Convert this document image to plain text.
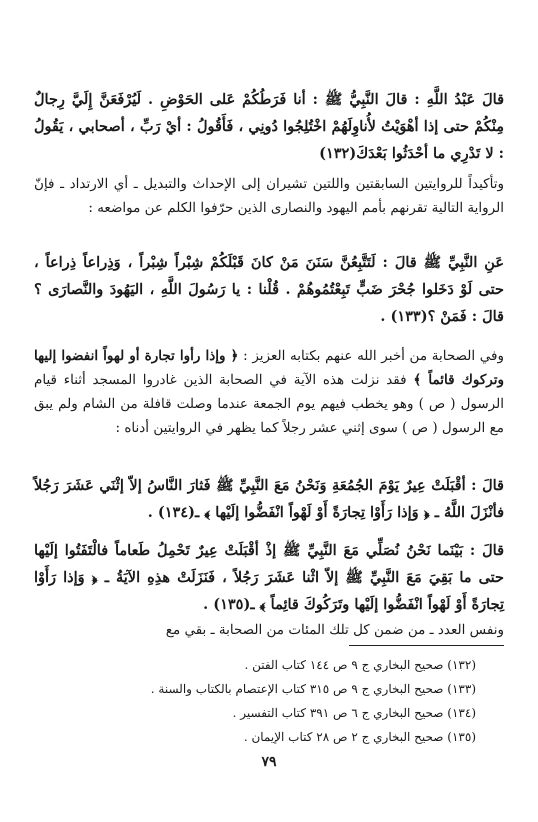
قالَ عَبْدُ اللَّهِ : قالَ النَّبِيُّ ﷺ : أنا فَرَطُكُمْ عَلى الحَوْضِ . لَيُرْفَعَنَّ إِلَيَّ رِجالٌ مِنْكُمْ حتى إذا أهْوَيْتُ لأُناوِلَهُمْ اخْتُلِجُوا دُونِي ، فَأَقُولُ : أيْ رَبِّ ، أصحابي ، يَقُولُ : لا تَدْرِي ما أحْدَثُوا بَعْدَكَ(١٣٢)
وتأكيداً للروايتين السابقتين واللتين تشيران إلى الإحداث والتبديل ـ أي الارتداد ـ فإنّ الرواية التالية تقرنهم بأمم اليهود والنصارى الذين حرّفوا الكلم عن مواضعه :
عَنِ النَّبِيِّ ﷺ قالَ : لَتَتَّبِعُنَّ سَنَنَ مَنْ كانَ قَبْلَكُمْ شِبْراً شِبْراً ، وَذِراعاً ذِراعاً ، حتى لَوْ دَخَلوا جُحْرَ ضَبٍّ تَبِعْتُمُوهُمْ . قُلْنا : يا رَسُولَ اللَّهِ ، اليَهُودَ والنَّصارَى ؟ قالَ : فَمَنْ ؟(١٣٣) .
وفي الصحابة من أخبر الله عنهم بكتابه العزيز : ﴿ وإذا رأوا تجارة أو لهواً انفضوا إليها وتركوك قائماً ﴾ فقد نزلت هذه الآية في الصحابة الذين غادروا المسجد أثناء قيام الرسول ( ص ) وهو يخطب فيهم يوم الجمعة عندما وصلت قافلة من الشام ولم يبق مع الرسول ( ص ) سوى إثني عشر رجلاً كما يظهر في الروايتين أدناه :
قالَ : أقْبَلَتْ عِيرٌ يَوْمَ الجُمُعَةِ وَنَحْنُ مَعَ النَّبِيِّ ﷺ فَثارَ النَّاسُ إلاّ إثْنَي عَشَرَ رَجُلاً فأنْزَلَ اللَّهُ ـ ﴿ وَإذا رَأَوْا تِجارَةً أَوْ لَهْواً انْفَضُّوا إلَيْها ﴾ ـ(١٣٤) .
قالَ : بَيْنَما نَحْنُ نُصَلِّي مَعَ النَّبِيِّ ﷺ إذْ أقْبَلَتْ عِيرٌ تَحْمِلُ طَعاماً فالْتَفَتُوا إلَيْها حتى ما بَقِيَ مَعَ النَّبِيِّ ﷺ إلاّ اثْنا عَشَرَ رَجُلاً ، فَنَزَلَتْ هذِهِ الآيَةُ ـ ﴿ وَإذا رَأَوْا تِجارَةً أَوْ لَهْواً انْفَضُّوا إلَيْها وتَرَكُوكَ قائِماً ﴾ ـ(١٣٥) .
ونفس العدد ـ من ضمن كل تلك المئات من الصحابة ـ بقي مع
(١٣٢) صحيح البخاري ج ٩ ص ١٤٤ كتاب الفتن .
(١٣٣) صحيح البخاري ج ٩ ص ٣١٥ كتاب الإعتصام بالكتاب والسنة .
(١٣٤) صحيح البخاري ج ٦ ص ٣٩١ كتاب التفسير .
(١٣٥) صحيح البخاري ج ٢ ص ٢٨ كتاب الإيمان .
٧٩
